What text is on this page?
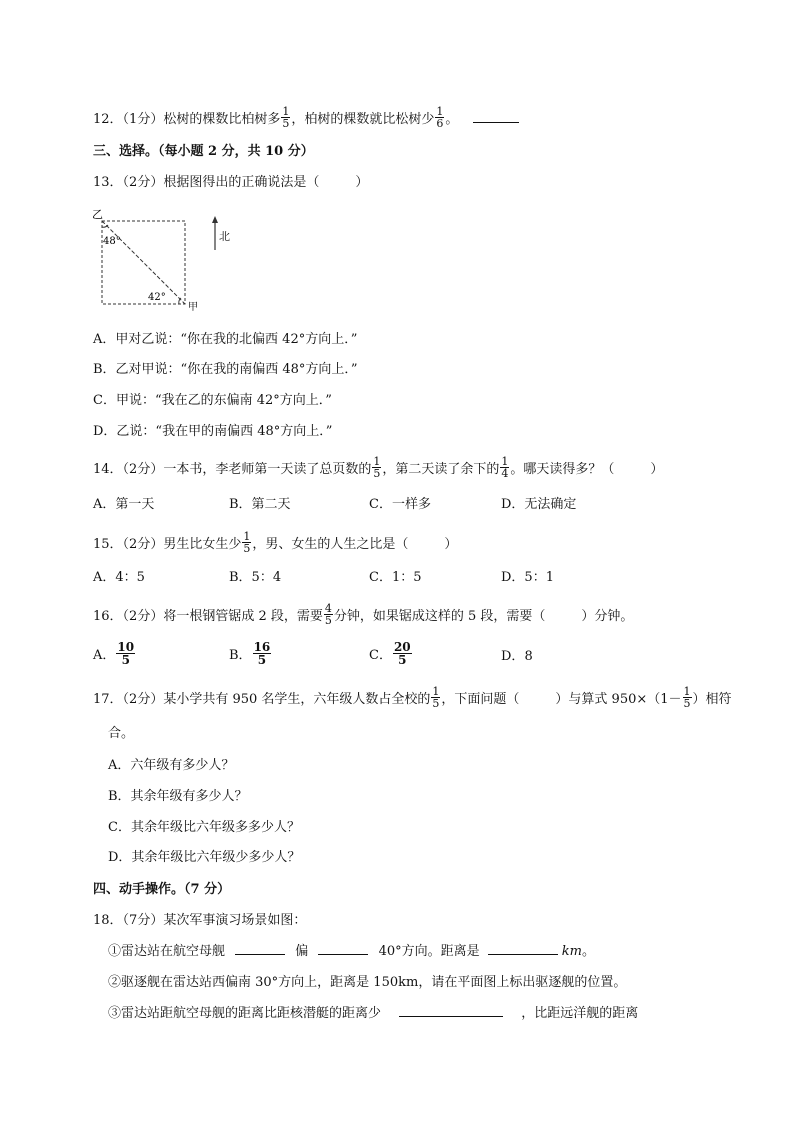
12．（1分）松树的棵数比柏树多 $\frac{1}{5}$ ，柏树的棵数就比松树少 $\frac{1}{6}$ 。
三、选择。（每小题 2 分，共 10 分）
13．（2分）根据图得出的正确说法是（	）
乙
甲
48°
42°
北
A．甲对乙说：“你在我的北偏西 42°方向上．”
B．乙对甲说：“你在我的南偏西 48°方向上．”
C．甲说：“我在乙的东偏南 42°方向上．”
D．乙说：“我在甲的南偏西 48°方向上．”
14．（2分）一本书，李老师第一天读了总页数的 $\frac{1}{5}$ ，第二天读了余下的 $\frac{1}{4}$ 。哪天读得多？（	）
A．第一天	B．第二天	C．一样多	D．无法确定
15．（2分）男生比女生少 $\frac{1}{5}$ ，男、女生的人生之比是（	）
A．4：5	B．5：4	C．1：5	D．5：1
16．（2分）将一根钢管锯成 2 段，需要 $\frac{4}{5}$ 分钟，如果锯成这样的 5 段，需要（	）分钟。
A． $\frac{10}{5}$	B． $\frac{16}{5}$	C． $\frac{20}{5}$	D．8
17．（2分）某小学共有 950 名学生，六年级人数占全校的 $\frac{1}{5}$ ，下面问题（	）与算式 $950\times(1- \frac{1}{5}$ ）相符
合。
A．六年级有多少人？
B．其余年级有多少人？
C．其余年级比六年级多多少人？
D．其余年级比六年级少多少人？
四、动手操作。（7 分）
18．（7分）某次军事演习场景如图：
①雷达站在航空母舰	偏	40°方向。距离是	km。
②驱逐舰在雷达站西偏南 30°方向上，距离是 150km，请在平面图上标出驱逐舰的位置。
③雷达站距航空母舰的距离比距核潜艇的距离少	，比距远洋舰的距离
